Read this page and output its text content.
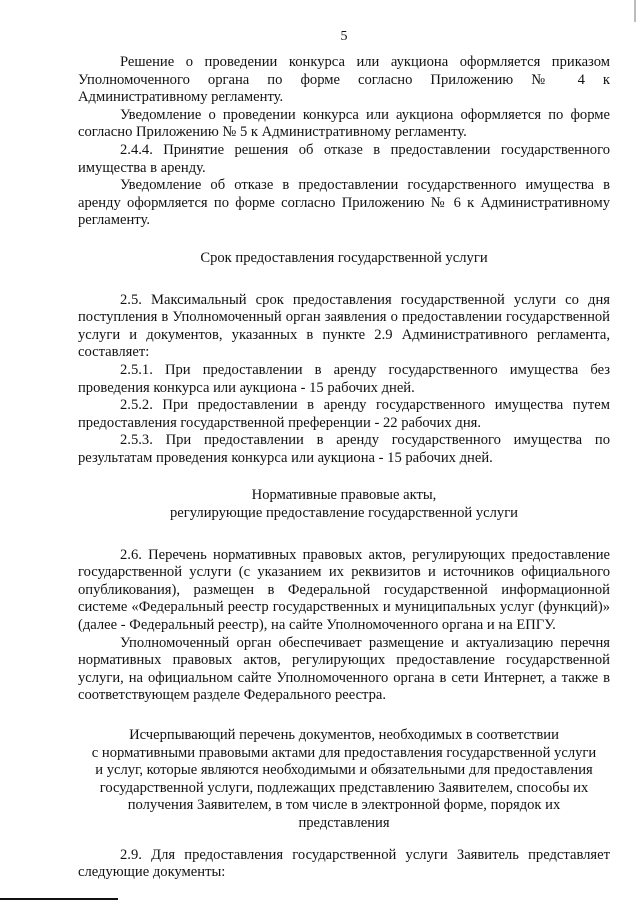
5

Решение о проведении конкурса или аукциона оформляется приказом Уполномоченного органа по форме согласно Приложению № 4 к Административному регламенту.

Уведомление о проведении конкурса или аукциона оформляется по форме согласно Приложению № 5 к Административному регламенту.

2.4.4. Принятие решения об отказе в предоставлении государственного имущества в аренду.

Уведомление об отказе в предоставлении государственного имущества в аренду оформляется по форме согласно Приложению № 6 к Административному регламенту.

Срок предоставления государственной услуги

2.5. Максимальный срок предоставления государственной услуги со дня поступления в Уполномоченный орган заявления о предоставлении государственной услуги и документов, указанных в пункте 2.9 Административного регламента, составляет:

2.5.1. При предоставлении в аренду государственного имущества без проведения конкурса или аукциона - 15 рабочих дней.

2.5.2. При предоставлении в аренду государственного имущества путем предоставления государственной преференции - 22 рабочих дня.

2.5.3. При предоставлении в аренду государственного имущества по результатам проведения конкурса или аукциона - 15 рабочих дней.

Нормативные правовые акты,
регулирующие предоставление государственной услуги

2.6. Перечень нормативных правовых актов, регулирующих предоставление государственной услуги (с указанием их реквизитов и источников официального опубликования), размещен в Федеральной государственной информационной системе «Федеральный реестр государственных и муниципальных услуг (функций)» (далее - Федеральный реестр), на сайте Уполномоченного органа и на ЕПГУ.

Уполномоченный орган обеспечивает размещение и актуализацию перечня нормативных правовых актов, регулирующих предоставление государственной услуги, на официальном сайте Уполномоченного органа в сети Интернет, а также в соответствующем разделе Федерального реестра.

Исчерпывающий перечень документов, необходимых в соответствии
с нормативными правовыми актами для предоставления государственной услуги
и услуг, которые являются необходимыми и обязательными для предоставления
государственной услуги, подлежащих представлению Заявителем, способы их
получения Заявителем, в том числе в электронной форме, порядок их
представления

2.9. Для предоставления государственной услуги Заявитель представляет следующие документы:
